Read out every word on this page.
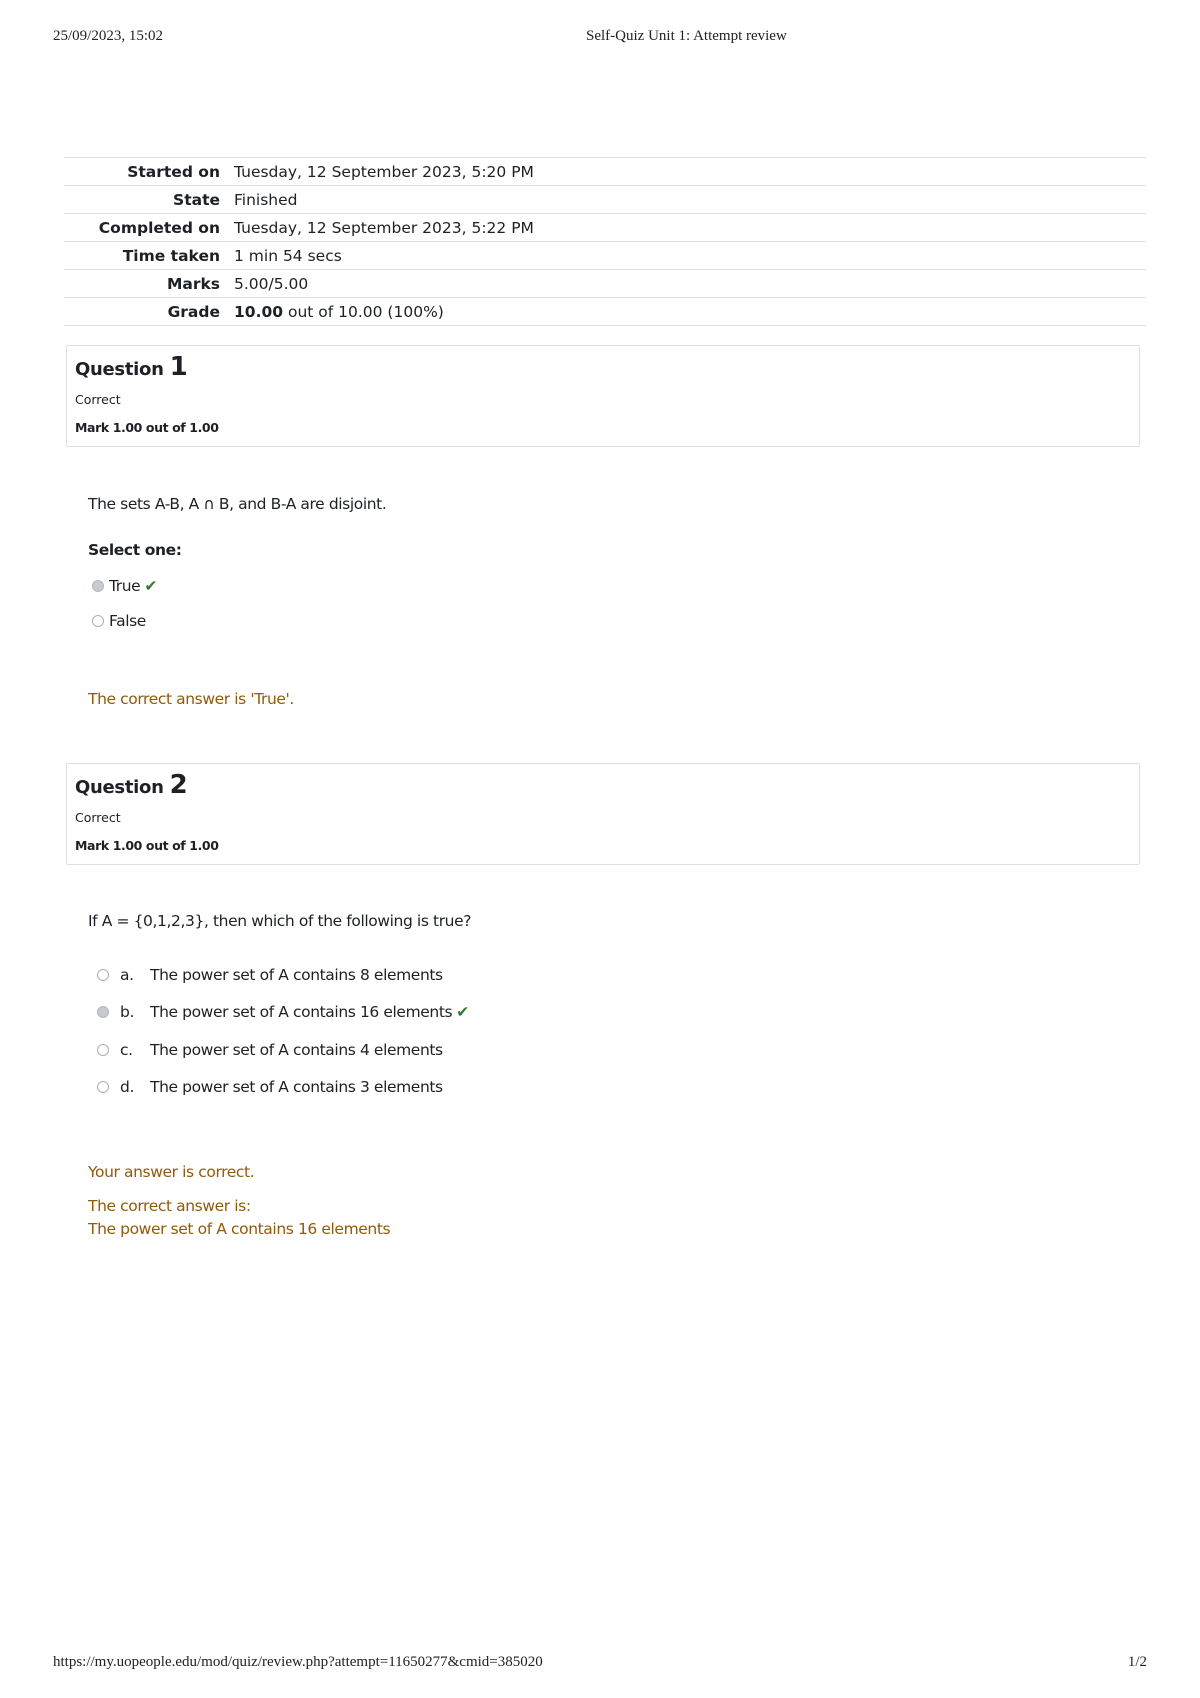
25/09/2023, 15:02	Self-Quiz Unit 1: Attempt review
Started on	Tuesday, 12 September 2023, 5:20 PM
State	Finished
Completed on	Tuesday, 12 September 2023, 5:22 PM
Time taken	1 min 54 secs
Marks	5.00/5.00
Grade	10.00 out of 10.00 (100%)
Question 1
Correct
Mark 1.00 out of 1.00
The sets A-B, A ∩ B, and B-A are disjoint.
Select one:
True ✔
False
The correct answer is 'True'.
Question 2
Correct
Mark 1.00 out of 1.00
If A = {0,1,2,3}, then which of the following is true?
a. The power set of A contains 8 elements
b. The power set of A contains 16 elements ✔
c. The power set of A contains 4 elements
d. The power set of A contains 3 elements
Your answer is correct.
The correct answer is:
The power set of A contains 16 elements
https://my.uopeople.edu/mod/quiz/review.php?attempt=11650277&cmid=385020	1/2
